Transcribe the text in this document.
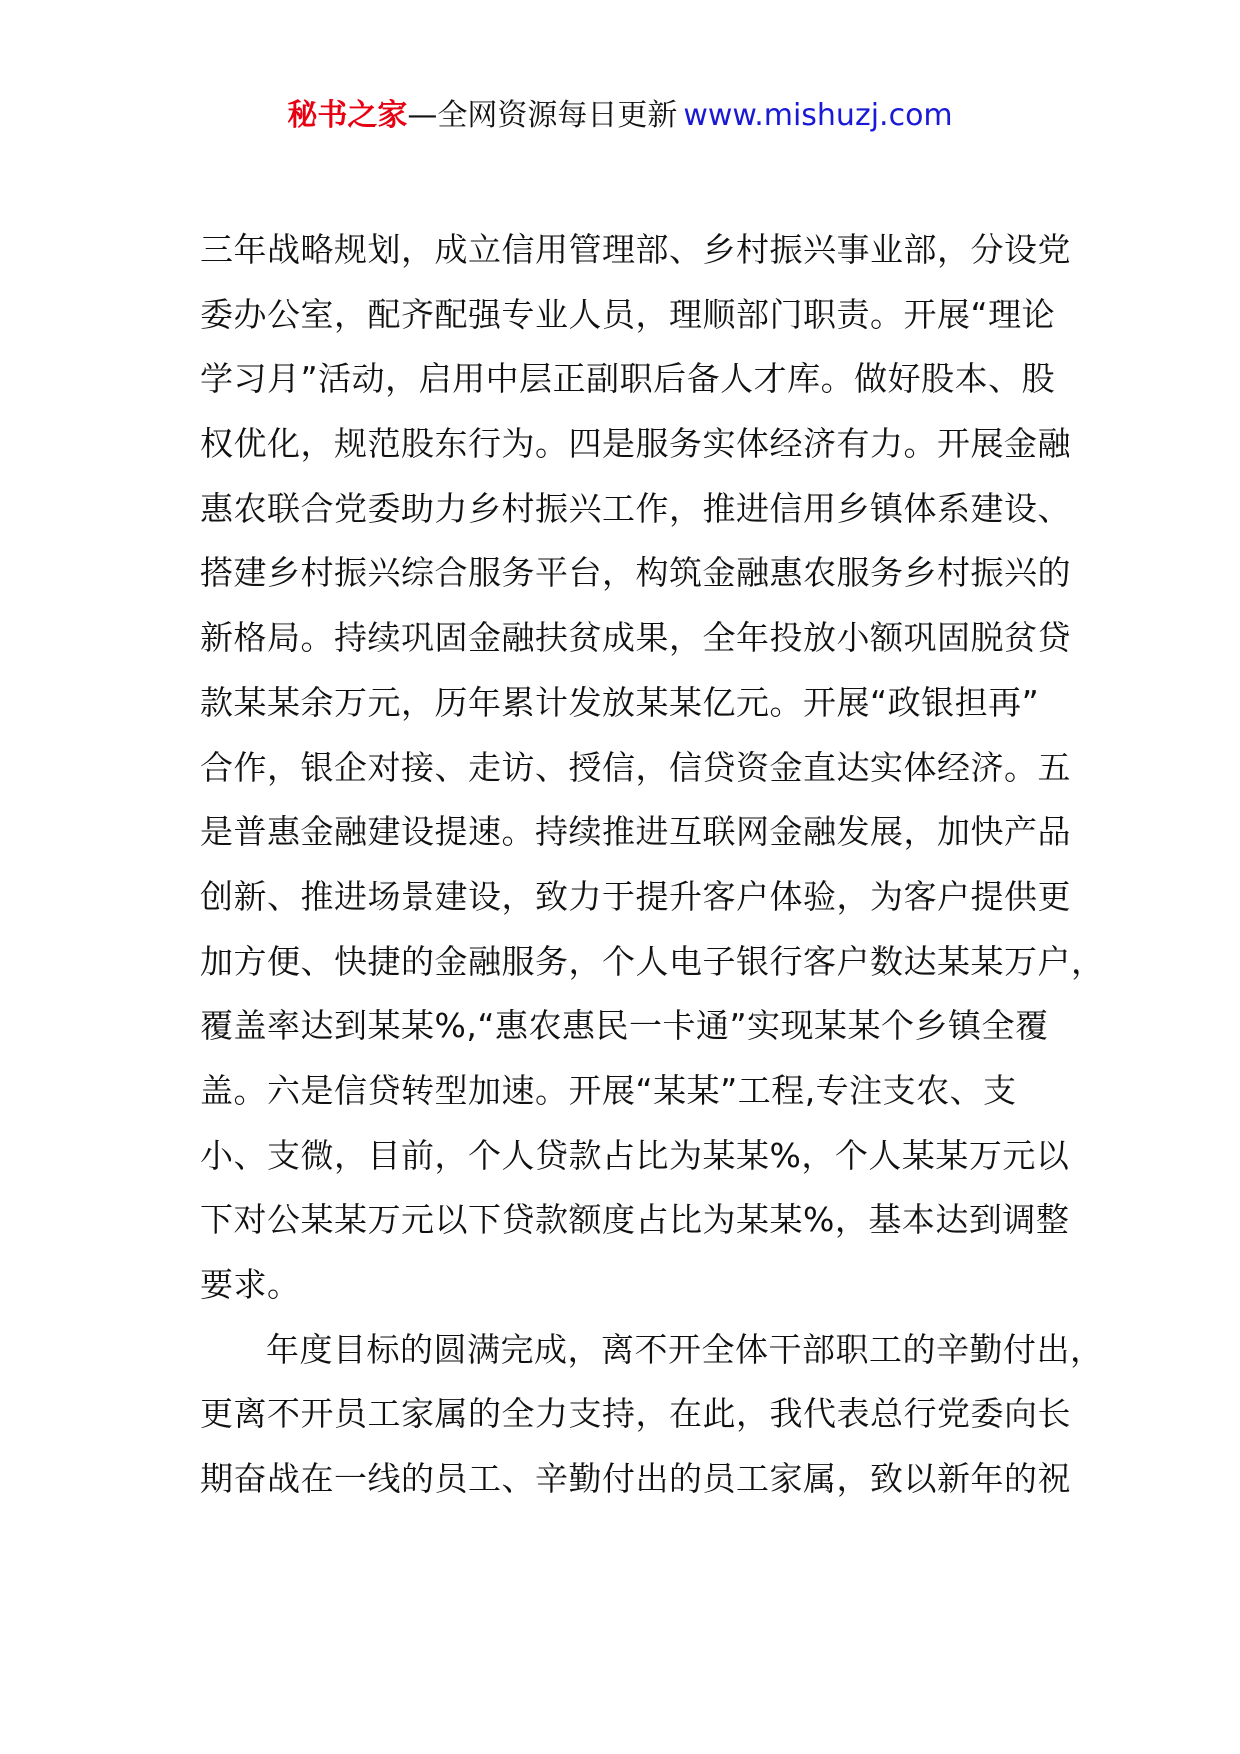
秘书之家—全网资源每日更新 www.mishuzj.com
三年战略规划，成立信用管理部、乡村振兴事业部，分设党
委办公室，配齐配强专业人员，理顺部门职责。开展“理论
学习月”活动，启用中层正副职后备人才库。做好股本、股
权优化，规范股东行为。四是服务实体经济有力。开展金融
惠农联合党委助力乡村振兴工作，推进信用乡镇体系建设、
搭建乡村振兴综合服务平台，构筑金融惠农服务乡村振兴的
新格局。持续巩固金融扶贫成果，全年投放小额巩固脱贫贷
款某某余万元，历年累计发放某某亿元。开展“政银担再”
合作，银企对接、走访、授信，信贷资金直达实体经济。五
是普惠金融建设提速。持续推进互联网金融发展，加快产品
创新、推进场景建设，致力于提升客户体验，为客户提供更
加方便、快捷的金融服务，个人电子银行客户数达某某万户，
覆盖率达到某某%,“惠农惠民一卡通”实现某某个乡镇全覆
盖。六是信贷转型加速。开展“某某”工程,专注支农、支
小、支微，目前，个人贷款占比为某某%，个人某某万元以
下对公某某万元以下贷款额度占比为某某%，基本达到调整
要求。
年度目标的圆满完成，离不开全体干部职工的辛勤付出，
更离不开员工家属的全力支持，在此，我代表总行党委向长
期奋战在一线的员工、辛勤付出的员工家属，致以新年的祝
